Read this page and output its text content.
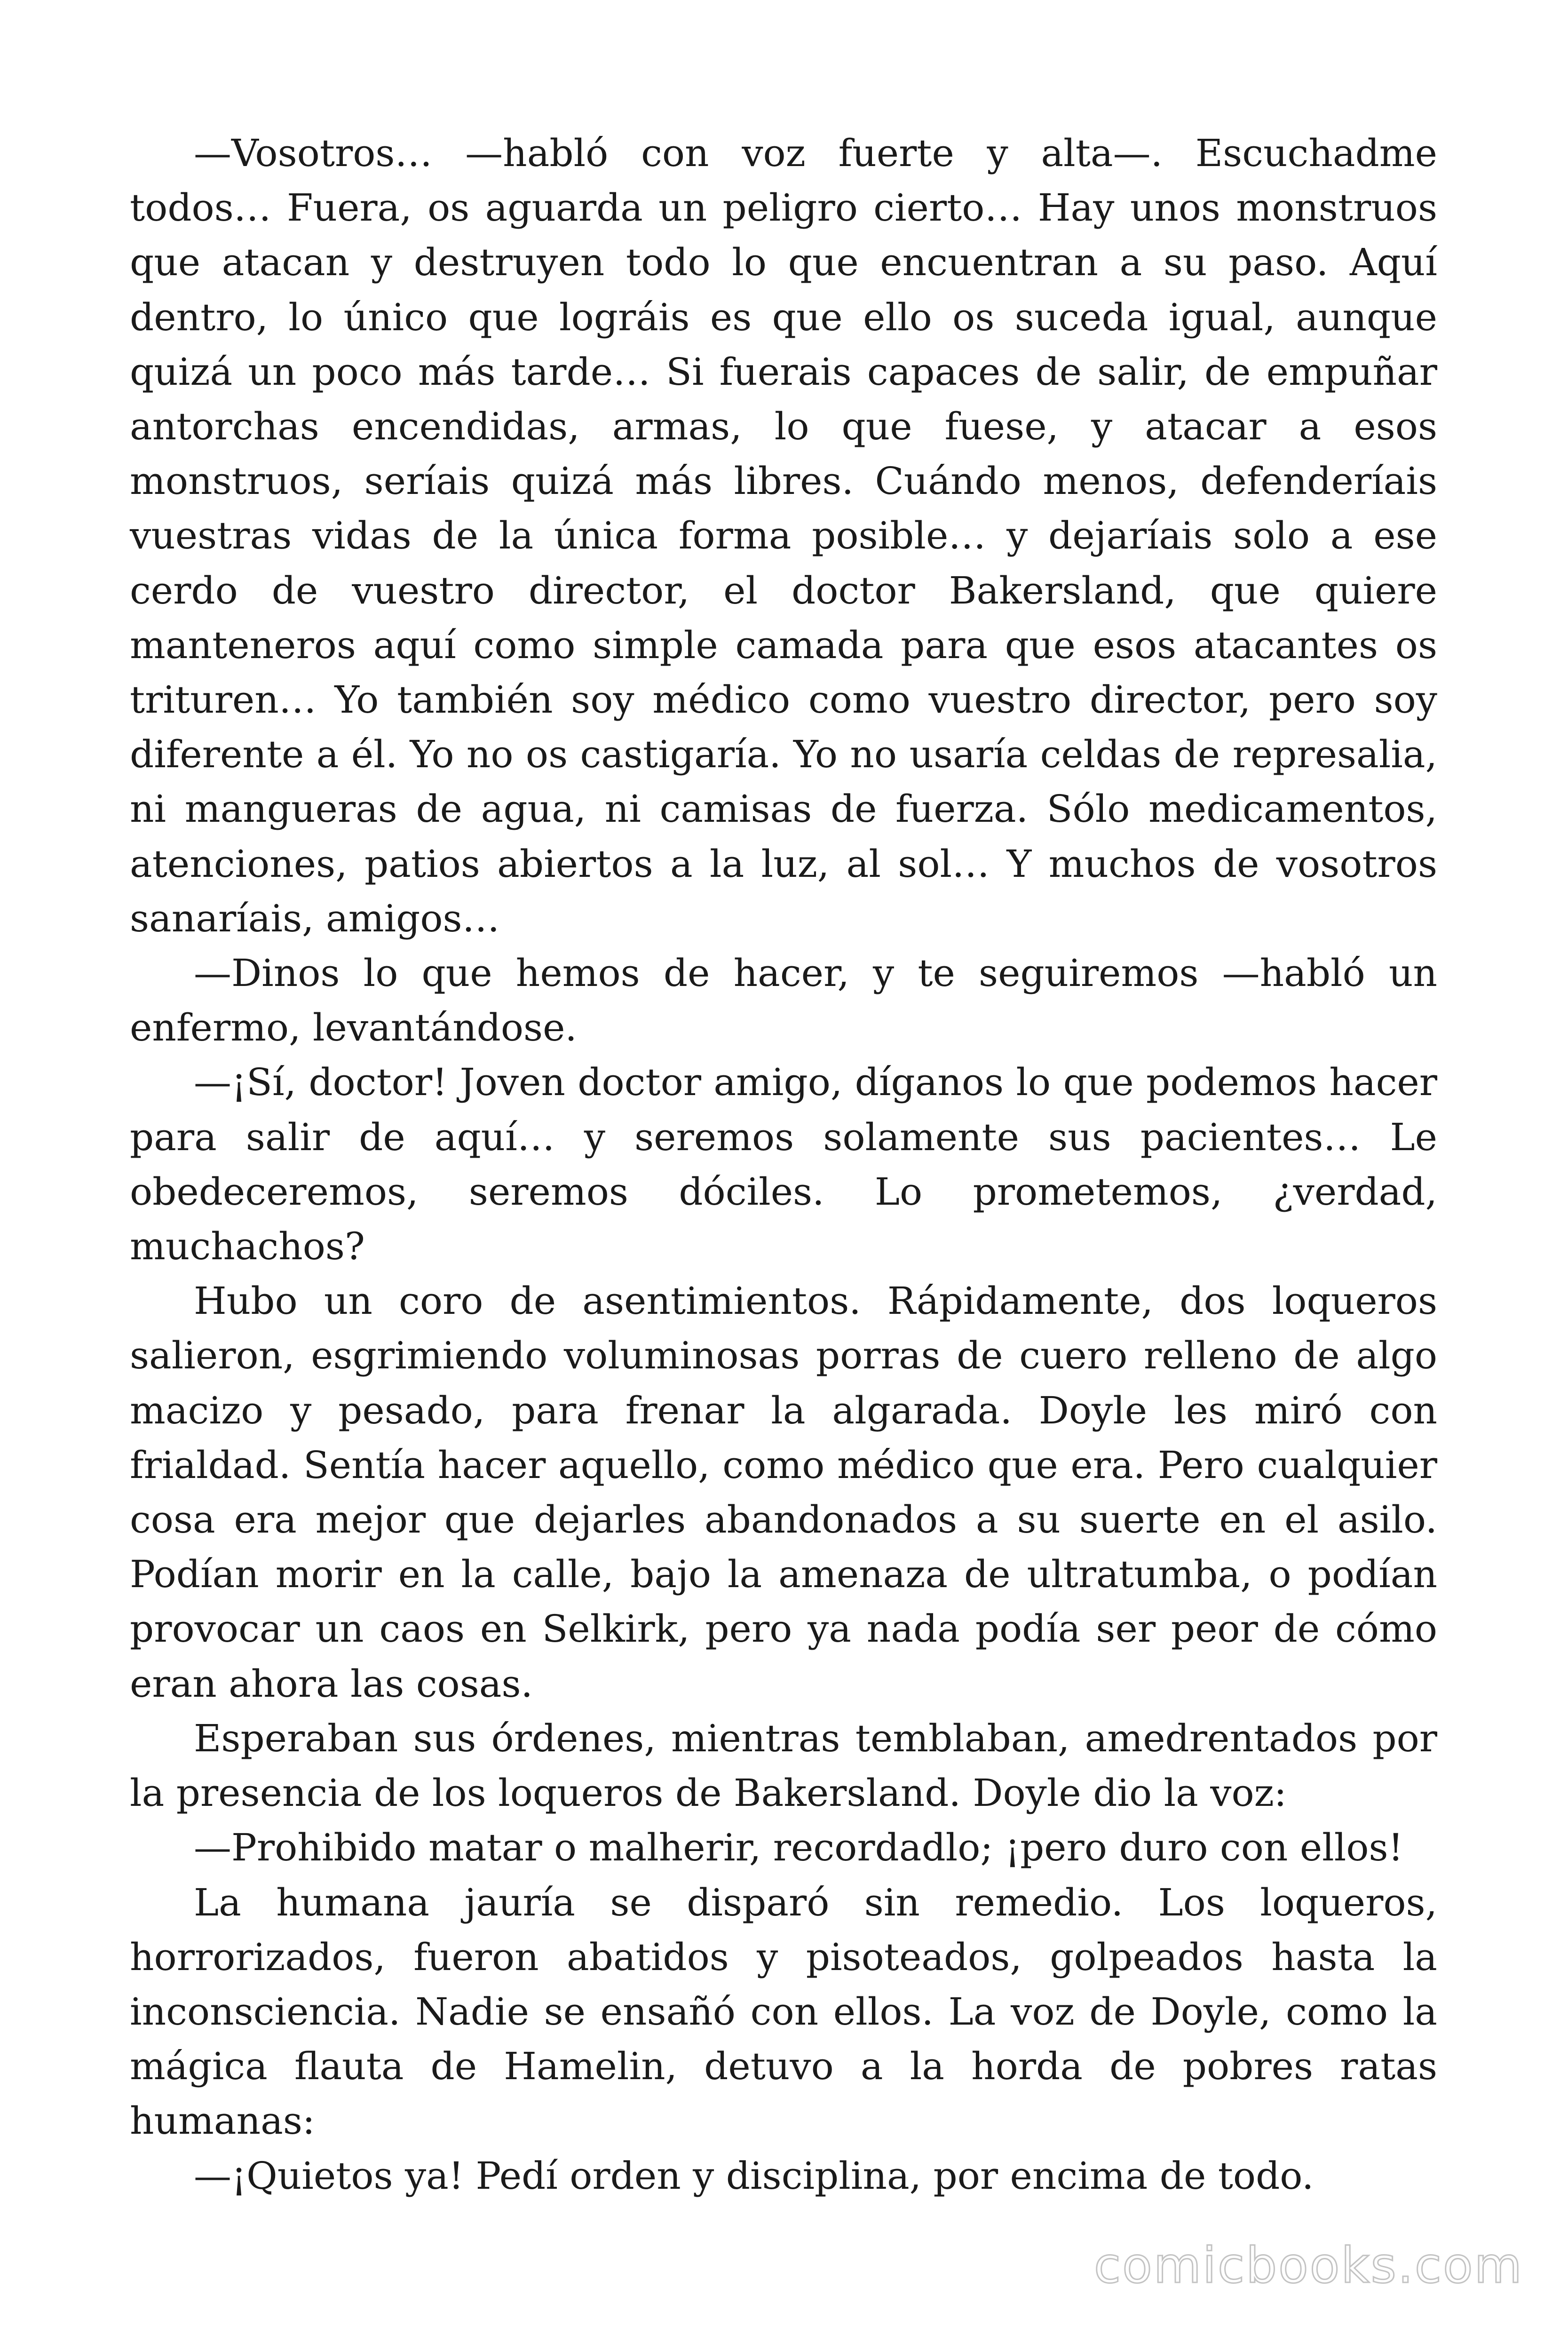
—Vosotros… —habló con voz fuerte y alta—. Escuchadme todos… Fuera, os aguarda un peligro cierto… Hay unos monstruos que atacan y destruyen todo lo que encuentran a su paso. Aquí dentro, lo único que lográis es que ello os suceda igual, aunque quizá un poco más tarde… Si fuerais capaces de salir, de empuñar antorchas encendidas, armas, lo que fuese, y atacar a esos monstruos, seríais quizá más libres. Cuándo menos, defenderíais vuestras vidas de la única forma posible… y dejaríais solo a ese cerdo de vuestro director, el doctor Bakersland, que quiere manteneros aquí como simple camada para que esos atacantes os trituren… Yo también soy médico como vuestro director, pero soy diferente a él. Yo no os castigaría. Yo no usaría celdas de represalia, ni mangueras de agua, ni camisas de fuerza. Sólo medicamentos, atenciones, patios abiertos a la luz, al sol… Y muchos de vosotros sanaríais, amigos…

—Dinos lo que hemos de hacer, y te seguiremos —habló un enfermo, levantándose.

—¡Sí, doctor! Joven doctor amigo, díganos lo que podemos hacer para salir de aquí… y seremos solamente sus pacientes… Le obedeceremos, seremos dóciles. Lo prometemos, ¿verdad, muchachos?

Hubo un coro de asentimientos. Rápidamente, dos loqueros salieron, esgrimiendo voluminosas porras de cuero relleno de algo macizo y pesado, para frenar la algarada. Doyle les miró con frialdad. Sentía hacer aquello, como médico que era. Pero cualquier cosa era mejor que dejarles abandonados a su suerte en el asilo. Podían morir en la calle, bajo la amenaza de ultratumba, o podían provocar un caos en Selkirk, pero ya nada podía ser peor de cómo eran ahora las cosas.

Esperaban sus órdenes, mientras temblaban, amedrentados por la presencia de los loqueros de Bakersland. Doyle dio la voz:

—Prohibido matar o malherir, recordadlo; ¡pero duro con ellos!

La humana jauría se disparó sin remedio. Los loqueros, horrorizados, fueron abatidos y pisoteados, golpeados hasta la inconsciencia. Nadie se ensañó con ellos. La voz de Doyle, como la mágica flauta de Hamelin, detuvo a la horda de pobres ratas humanas:

—¡Quietos ya! Pedí orden y disciplina, por encima de todo.

comicbooks.com
